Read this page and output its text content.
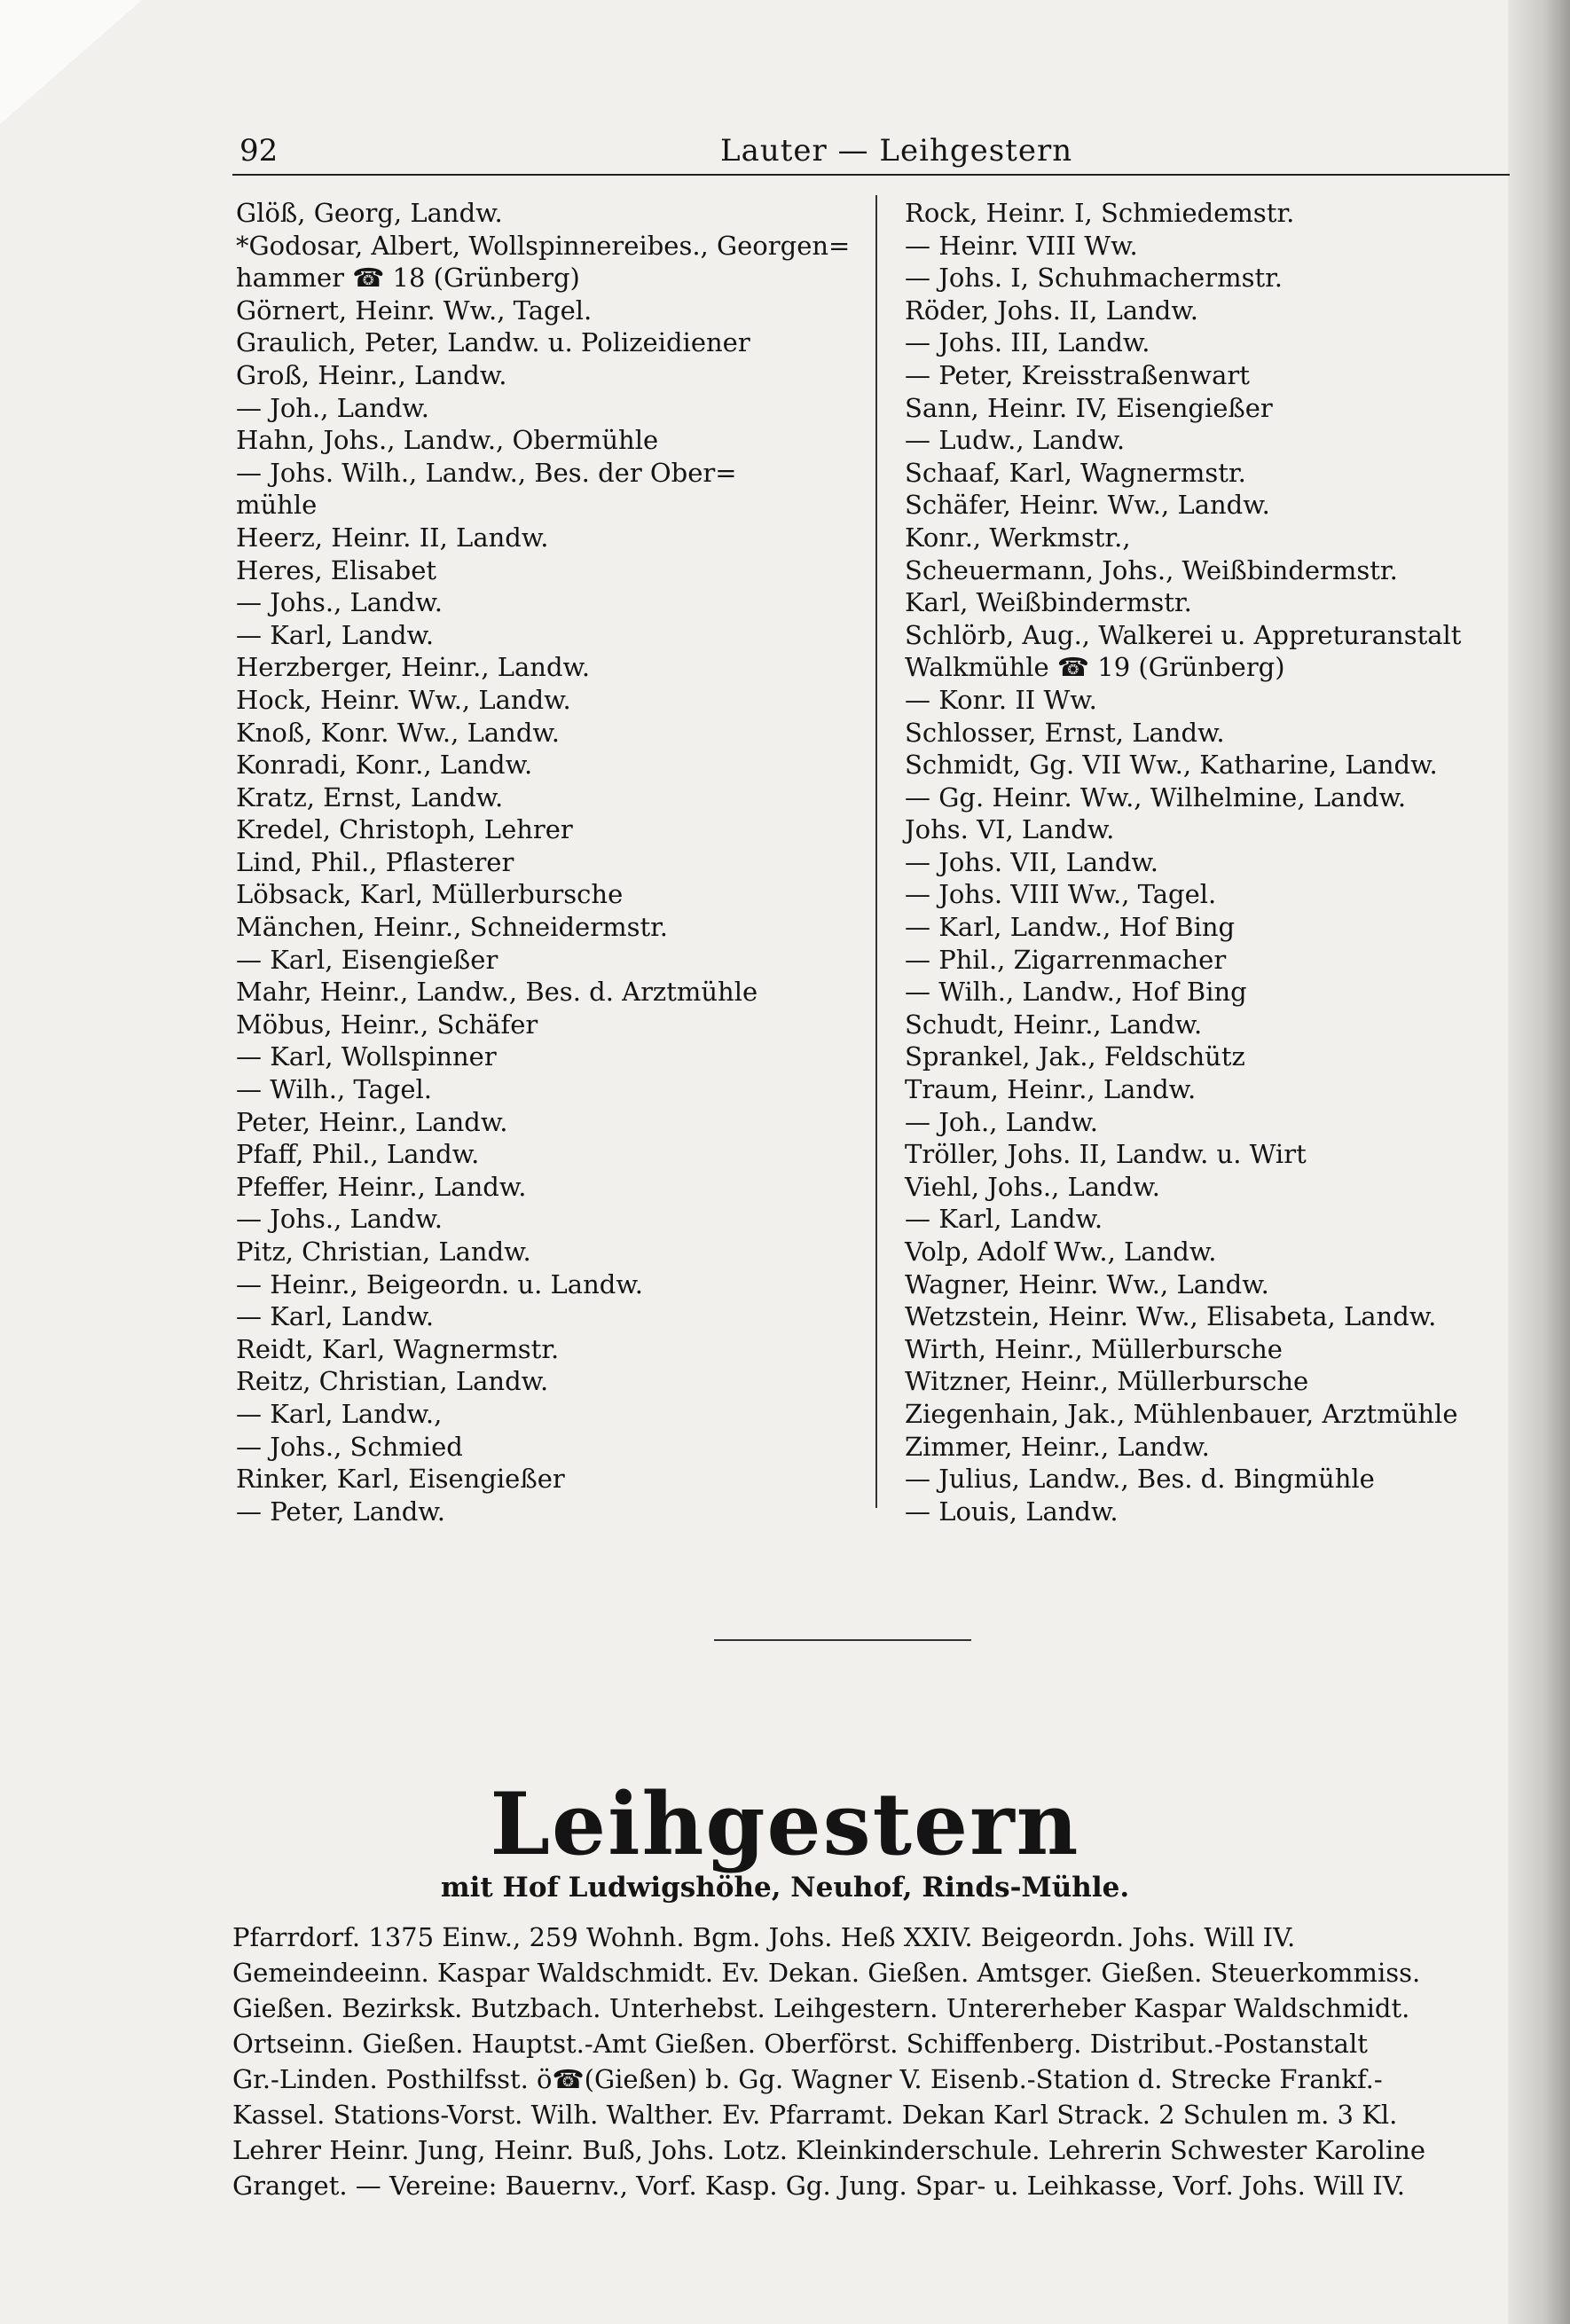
92	Lauter — Leihgestern
Glöß, Georg, Landw.
*Godosar, Albert, Wollspinnereibes., Georgen=
hammer ☎ 18 (Grünberg)
Görnert, Heinr. Ww., Tagel.
Graulich, Peter, Landw. u. Polizeidiener
Groß, Heinr., Landw.
— Joh., Landw.
Hahn, Johs., Landw., Obermühle
— Johs. Wilh., Landw., Bes. der Ober=
mühle
Heerz, Heinr. II, Landw.
Heres, Elisabet
— Johs., Landw.
— Karl, Landw.
Herzberger, Heinr., Landw.
Hock, Heinr. Ww., Landw.
Knoß, Konr. Ww., Landw.
Konradi, Konr., Landw.
Kratz, Ernst, Landw.
Kredel, Christoph, Lehrer
Lind, Phil., Pflasterer
Löbsack, Karl, Müllerbursche
Mänchen, Heinr., Schneidermstr.
— Karl, Eisengießer
Mahr, Heinr., Landw., Bes. d. Arztmühle
Möbus, Heinr., Schäfer
— Karl, Wollspinner
— Wilh., Tagel.
Peter, Heinr., Landw.
Pfaff, Phil., Landw.
Pfeffer, Heinr., Landw.
— Johs., Landw.
Pitz, Christian, Landw.
— Heinr., Beigeordn. u. Landw.
— Karl, Landw.
Reidt, Karl, Wagnermstr.
Reitz, Christian, Landw.
— Karl, Landw.,
— Johs., Schmied
Rinker, Karl, Eisengießer
— Peter, Landw.
Rock, Heinr. I, Schmiedemstr.
— Heinr. VIII Ww.
— Johs. I, Schuhmachermstr.
Röder, Johs. II, Landw.
— Johs. III, Landw.
— Peter, Kreisstraßenwart
Sann, Heinr. IV, Eisengießer
— Ludw., Landw.
Schaaf, Karl, Wagnermstr.
Schäfer, Heinr. Ww., Landw.
Konr., Werkmstr.,
Scheuermann, Johs., Weißbindermstr.
Karl, Weißbindermstr.
Schlörb, Aug., Walkerei u. Appreturanstalt
Walkmühle ☎ 19 (Grünberg)
— Konr. II Ww.
Schlosser, Ernst, Landw.
Schmidt, Gg. VII Ww., Katharine, Landw.
— Gg. Heinr. Ww., Wilhelmine, Landw.
Johs. VI, Landw.
— Johs. VII, Landw.
— Johs. VIII Ww., Tagel.
— Karl, Landw., Hof Bing
— Phil., Zigarrenmacher
— Wilh., Landw., Hof Bing
Schudt, Heinr., Landw.
Sprankel, Jak., Feldschütz
Traum, Heinr., Landw.
— Joh., Landw.
Tröller, Johs. II, Landw. u. Wirt
Viehl, Johs., Landw.
— Karl, Landw.
Volp, Adolf Ww., Landw.
Wagner, Heinr. Ww., Landw.
Wetzstein, Heinr. Ww., Elisabeta, Landw.
Wirth, Heinr., Müllerbursche
Witzner, Heinr., Müllerbursche
Ziegenhain, Jak., Mühlenbauer, Arztmühle
Zimmer, Heinr., Landw.
— Julius, Landw., Bes. d. Bingmühle
— Louis, Landw.
Leihgestern
mit Hof Ludwigshöhe, Neuhof, Rinds-Mühle.
Pfarrdorf. 1375 Einw., 259 Wohnh. Bgm. Johs. Heß XXIV. Beigeordn. Johs. Will IV.
Gemeindeeinn. Kaspar Waldschmidt. Ev. Dekan. Gießen. Amtsger. Gießen. Steuerkommiss.
Gießen. Bezirksk. Butzbach. Unterhebst. Leihgestern. Untererheber Kaspar Waldschmidt.
Ortseinn. Gießen. Hauptst.-Amt Gießen. Oberförst. Schiffenberg. Distribut.-Postanstalt
Gr.-Linden. Posthilfsst. ö☎(Gießen) b. Gg. Wagner V. Eisenb.-Station d. Strecke Frankf.-
Kassel. Stations-Vorst. Wilh. Walther. Ev. Pfarramt. Dekan Karl Strack. 2 Schulen m. 3 Kl.
Lehrer Heinr. Jung, Heinr. Buß, Johs. Lotz. Kleinkinderschule. Lehrerin Schwester Karoline
Granget. — Vereine: Bauernv., Vorf. Kasp. Gg. Jung. Spar- u. Leihkasse, Vorf. Johs. Will IV.
